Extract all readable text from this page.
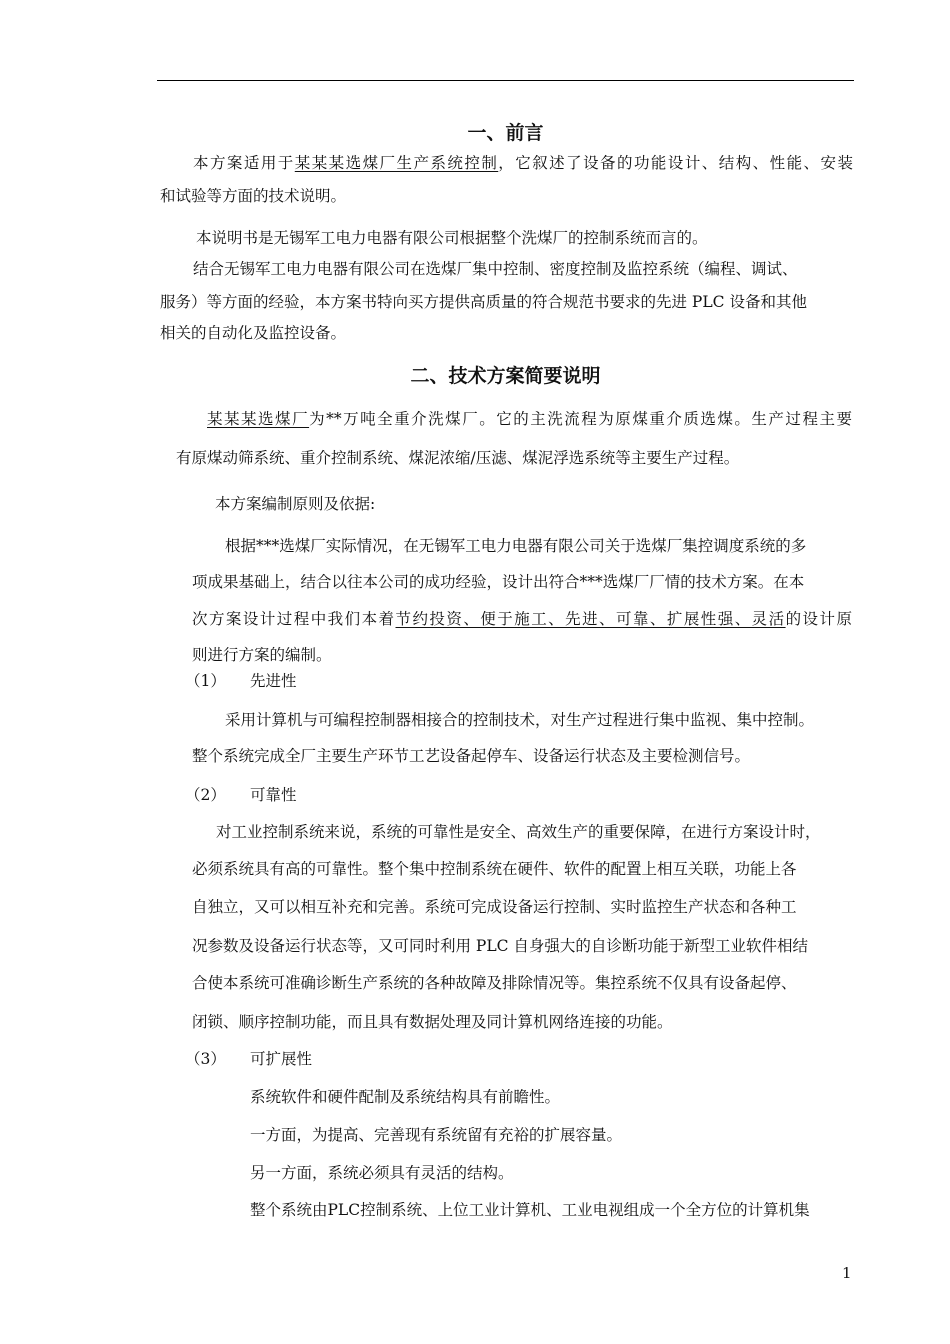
一、前言
本方案适用于某某某选煤厂生产系统控制，它叙述了设备的功能设计、结构、性能、安装
和试验等方面的技术说明。
本说明书是无锡军工电力电器有限公司根据整个洗煤厂的控制系统而言的。
结合无锡军工电力电器有限公司在选煤厂集中控制、密度控制及监控系统（编程、调试、
服务）等方面的经验，本方案书特向买方提供高质量的符合规范书要求的先进 PLC 设备和其他
相关的自动化及监控设备。
二、技术方案简要说明
某某某选煤厂为**万吨全重介洗煤厂。它的主洗流程为原煤重介质选煤。生产过程主要
有原煤动筛系统、重介控制系统、煤泥浓缩/压滤、煤泥浮选系统等主要生产过程。
本方案编制原则及依据:
根据***选煤厂实际情况，在无锡军工电力电器有限公司关于选煤厂集控调度系统的多
项成果基础上，结合以往本公司的成功经验，设计出符合***选煤厂厂情的技术方案。在本
次方案设计过程中我们本着节约投资、便于施工、先进、可靠、扩展性强、灵活的设计原
则进行方案的编制。
（1） 先进性
采用计算机与可编程控制器相接合的控制技术，对生产过程进行集中监视、集中控制。
整个系统完成全厂主要生产环节工艺设备起停车、设备运行状态及主要检测信号。
（2） 可靠性
对工业控制系统来说，系统的可靠性是安全、高效生产的重要保障，在进行方案设计时，
必须系统具有高的可靠性。整个集中控制系统在硬件、软件的配置上相互关联，功能上各
自独立，又可以相互补充和完善。系统可完成设备运行控制、实时监控生产状态和各种工
况参数及设备运行状态等，又可同时利用 PLC 自身强大的自诊断功能于新型工业软件相结
合使本系统可准确诊断生产系统的各种故障及排除情况等。集控系统不仅具有设备起停、
闭锁、顺序控制功能，而且具有数据处理及同计算机网络连接的功能。
（3） 可扩展性
系统软件和硬件配制及系统结构具有前瞻性。
一方面，为提高、完善现有系统留有充裕的扩展容量。
另一方面，系统必须具有灵活的结构。
整个系统由PLC控制系统、上位工业计算机、工业电视组成一个全方位的计算机集
1
